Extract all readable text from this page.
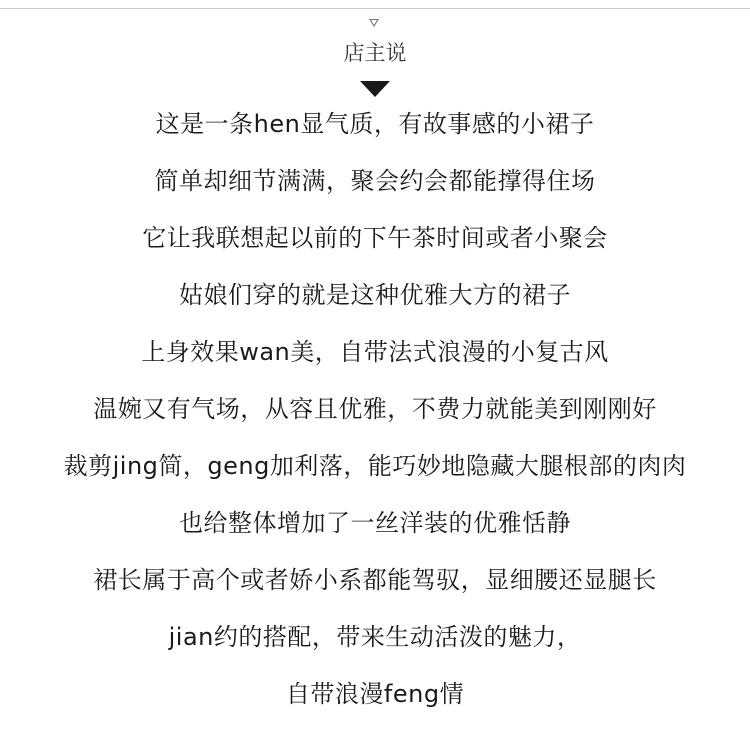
店主说
这是一条hen显气质，有故事感的小裙子
简单却细节满满，聚会约会都能撑得住场
它让我联想起以前的下午茶时间或者小聚会
姑娘们穿的就是这种优雅大方的裙子
上身效果wan美，自带法式浪漫的小复古风
温婉又有气场，从容且优雅，不费力就能美到刚刚好
裁剪jing简，geng加利落，能巧妙地隐藏大腿根部的肉肉
也给整体增加了一丝洋装的优雅恬静
裙长属于高个或者娇小系都能驾驭，显细腰还显腿长
jian约的搭配，带来生动活泼的魅力，
自带浪漫feng情
